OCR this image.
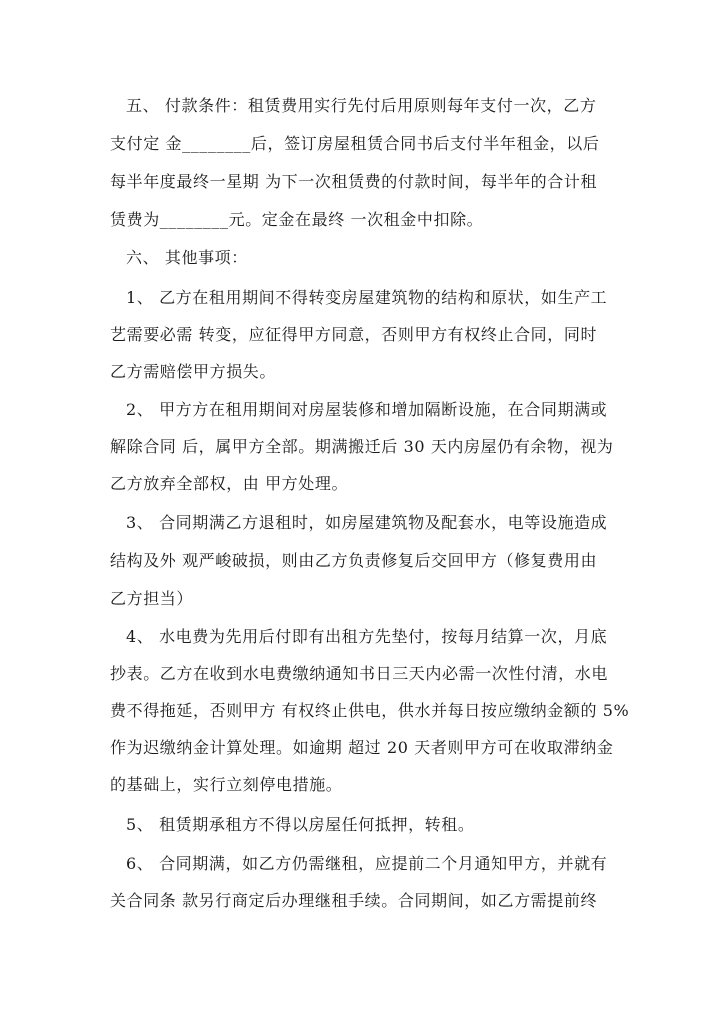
五、 付款条件：租赁费用实行先付后用原则每年支付一次，乙方
支付定 金________后，签订房屋租赁合同书后支付半年租金，以后
每半年度最终一星期 为下一次租赁费的付款时间，每半年的合计租
赁费为________元。定金在最终 一次租金中扣除。
六、 其他事项：
1、 乙方在租用期间不得转变房屋建筑物的结构和原状，如生产工
艺需要必需 转变，应征得甲方同意，否则甲方有权终止合同，同时
乙方需赔偿甲方损失。
2、 甲方方在租用期间对房屋装修和增加隔断设施，在合同期满或
解除合同 后，属甲方全部。期满搬迁后 30 天内房屋仍有余物，视为
乙方放弃全部权，由 甲方处理。
3、 合同期满乙方退租时，如房屋建筑物及配套水，电等设施造成
结构及外 观严峻破损，则由乙方负责修复后交回甲方（修复费用由
乙方担当）
4、 水电费为先用后付即有出租方先垫付，按每月结算一次，月底
抄表。乙方在收到水电费缴纳通知书日三天内必需一次性付清，水电
费不得拖延，否则甲方 有权终止供电，供水并每日按应缴纳金额的 5%
作为迟缴纳金计算处理。如逾期 超过 20 天者则甲方可在收取滞纳金
的基础上，实行立刻停电措施。
5、 租赁期承租方不得以房屋任何抵押，转租。
6、 合同期满，如乙方仍需继租，应提前二个月通知甲方，并就有
关合同条 款另行商定后办理继租手续。合同期间，如乙方需提前终
